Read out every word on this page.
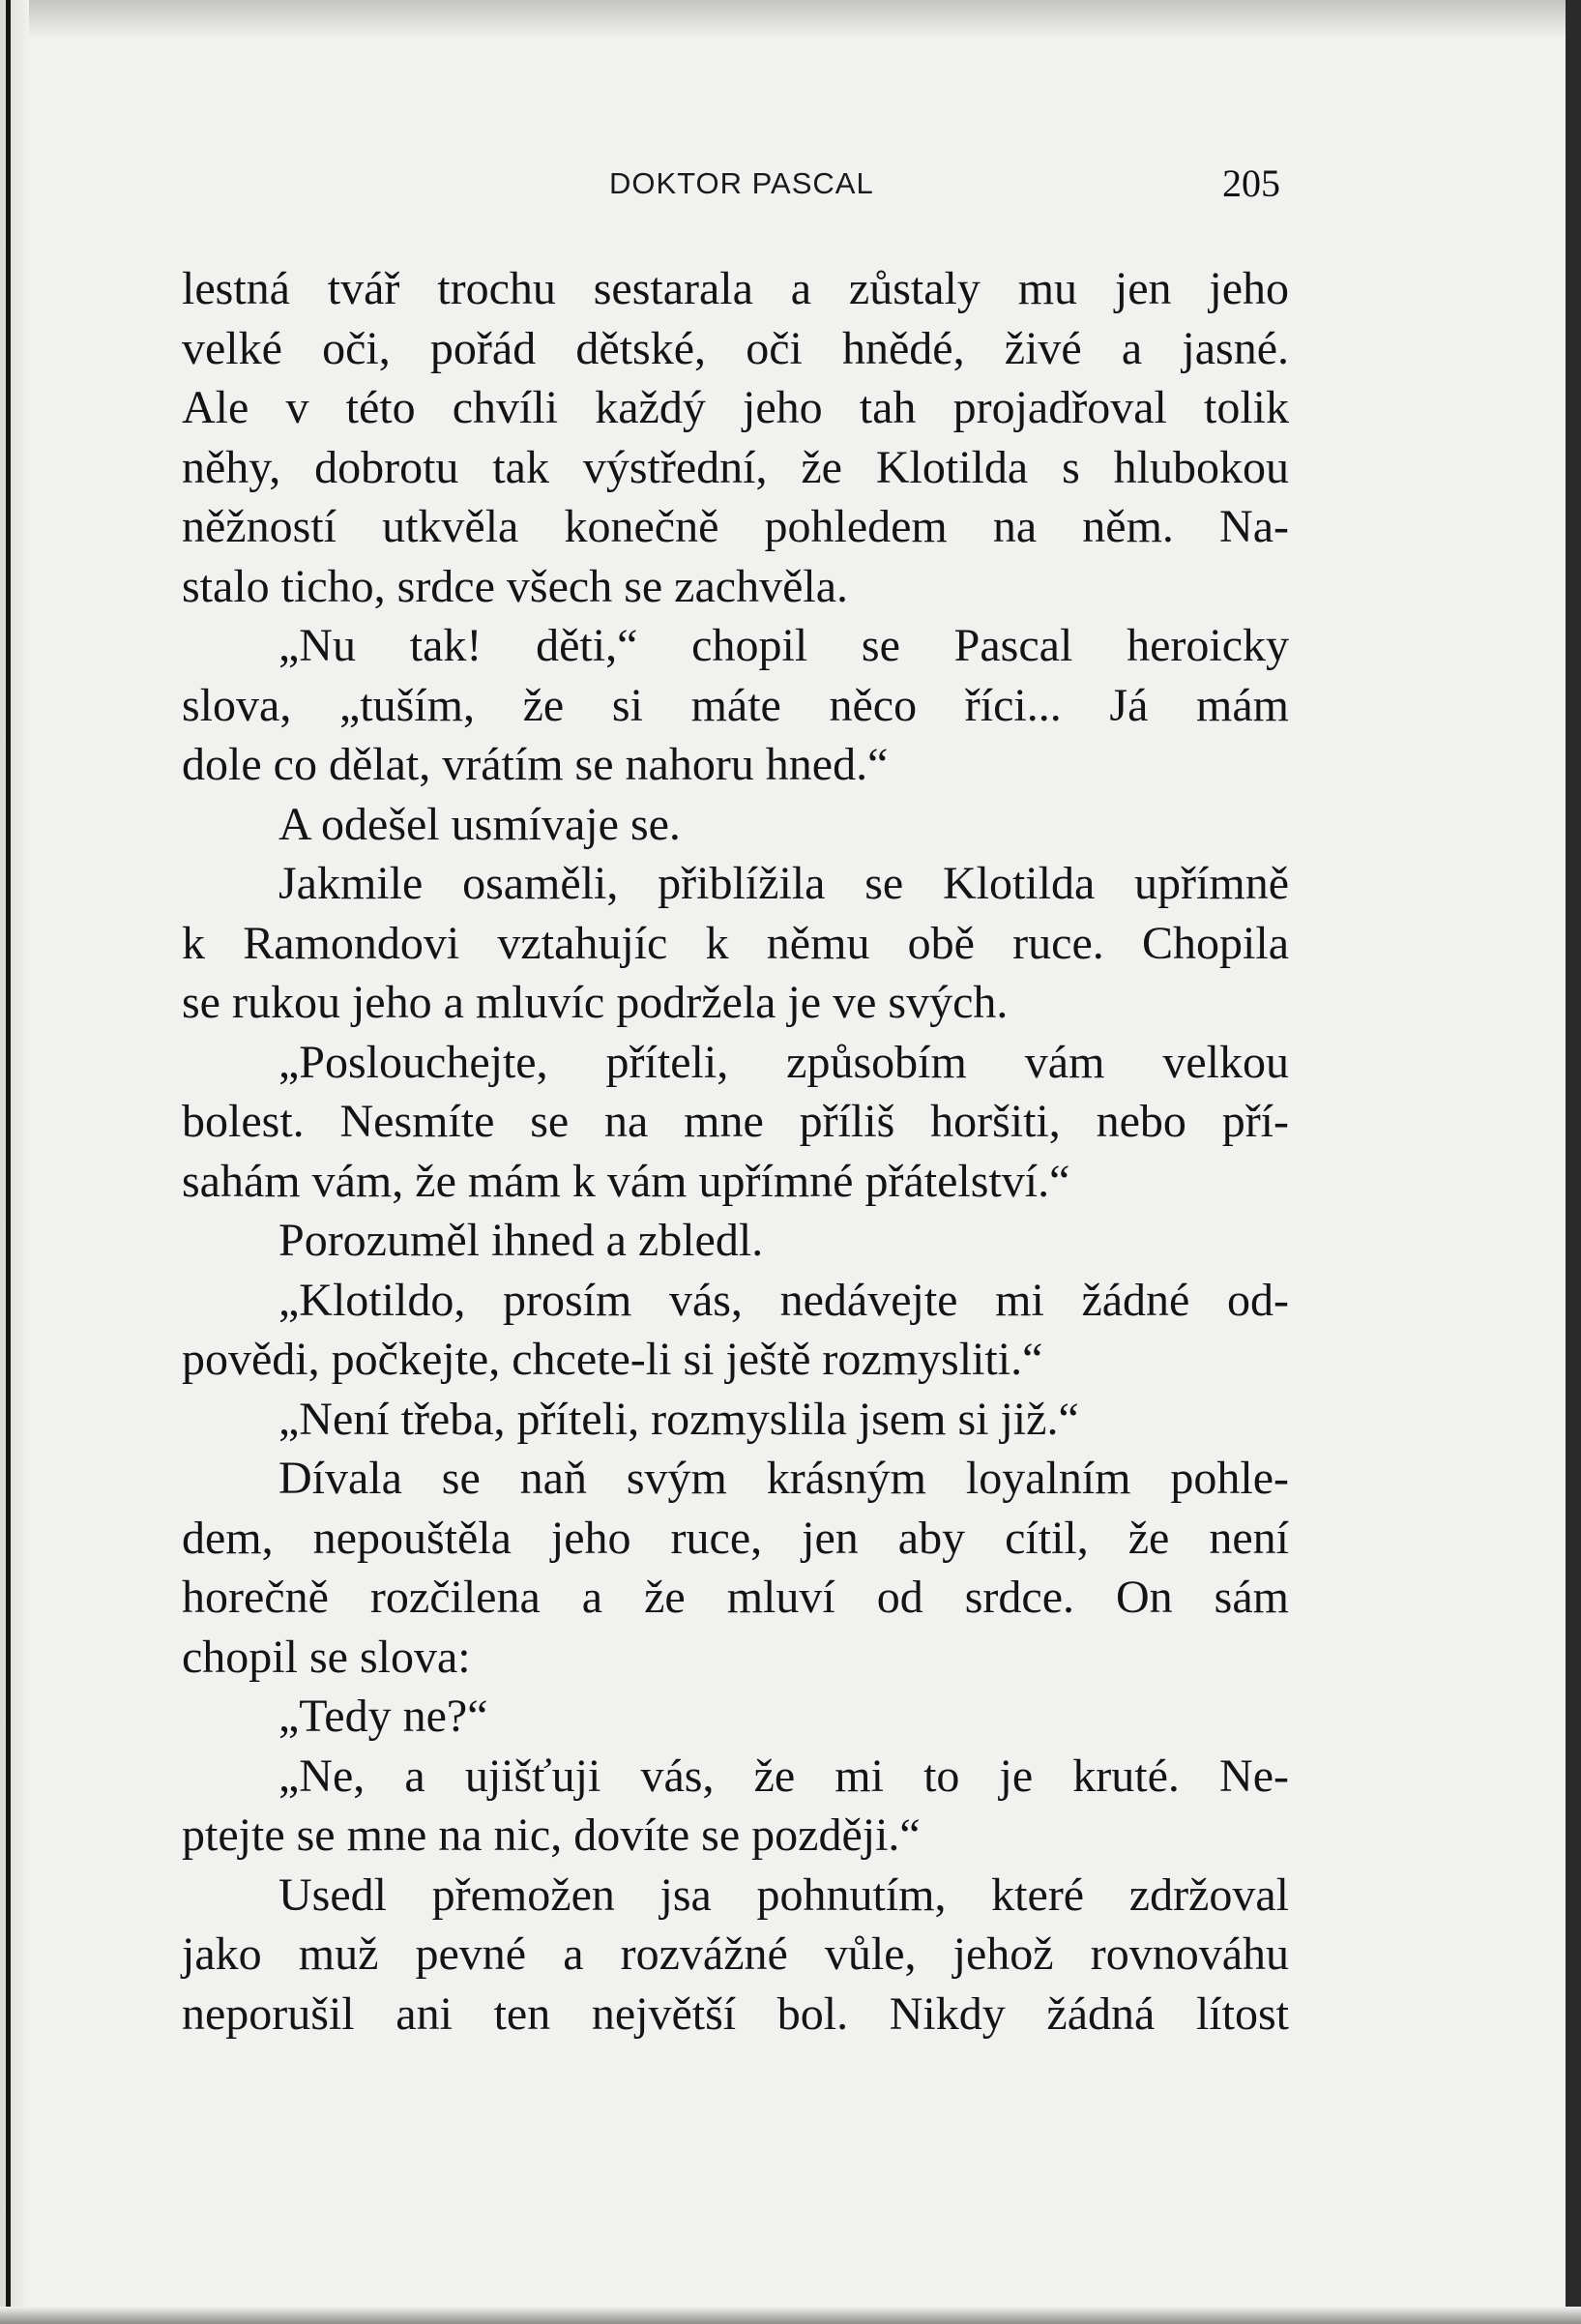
DOKTOR PASCAL	205
lestná tvář trochu sestarala a zůstaly mu jen jeho
velké oči, pořád dětské, oči hnědé, živé a jasné.
Ale v této chvíli každý jeho tah projadřoval tolik
něhy, dobrotu tak výstřední, že Klotilda s hlubokou
něžností utkvěla konečně pohledem na něm. Na-
stalo ticho, srdce všech se zachvěla.
„Nu tak! děti,“ chopil se Pascal heroicky
slova, „tuším, že si máte něco říci... Já mám
dole co dělat, vrátím se nahoru hned.“
A odešel usmívaje se.
Jakmile osaměli, přiblížila se Klotilda upřímně
k Ramondovi vztahujíc k němu obě ruce. Chopila
se rukou jeho a mluvíc podržela je ve svých.
„Poslouchejte, příteli, způsobím vám velkou
bolest. Nesmíte se na mne příliš horšiti, nebo pří-
sahám vám, že mám k vám upřímné přátelství.“
Porozuměl ihned a zbledl.
„Klotildo, prosím vás, nedávejte mi žádné od-
povědi, počkejte, chcete-li si ještě rozmysliti.“
„Není třeba, příteli, rozmyslila jsem si již.“
Dívala se naň svým krásným loyalním pohle-
dem, nepouštěla jeho ruce, jen aby cítil, že není
horečně rozčilena a že mluví od srdce. On sám
chopil se slova:
„Tedy ne?“
„Ne, a ujišťuji vás, že mi to je kruté. Ne-
ptejte se mne na nic, dovíte se později.“
Usedl přemožen jsa pohnutím, které zdržoval
jako muž pevné a rozvážné vůle, jehož rovnováhu
neporušil ani ten největší bol. Nikdy žádná lítost
